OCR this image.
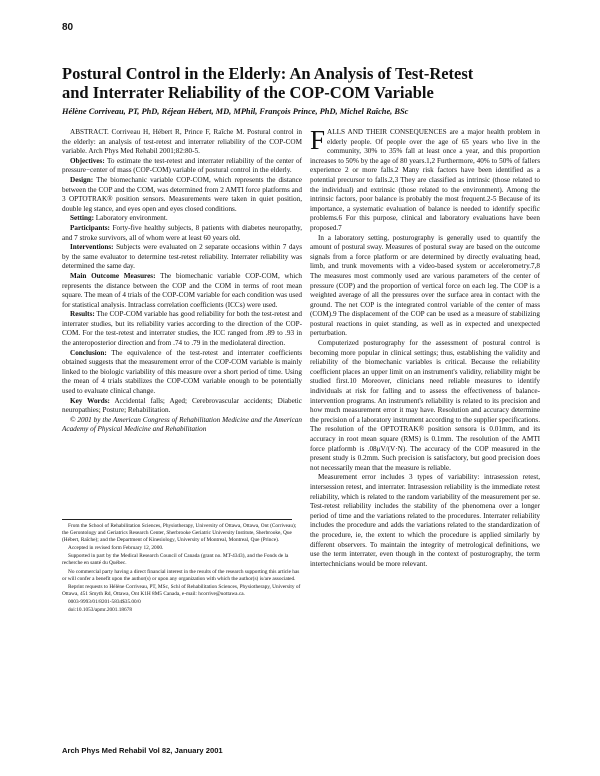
80
Postural Control in the Elderly: An Analysis of Test-Retest
and Interrater Reliability of the COP-COM Variable
Hélène Corriveau, PT, PhD, Réjean Hébert, MD, MPhil, François Prince, PhD, Michel Raîche, BSc

ABSTRACT. Corriveau H, Hébert R, Prince F, Raîche M. Postural control in the elderly: an analysis of test-retest and interrater reliability of the COP-COM variable. Arch Phys Med Rehabil 2001;82:80-5.

Objectives: To estimate the test-retest and interrater reliability of the center of pressure−center of mass (COP-COM) variable of postural control in the elderly.

Design: The biomechanic variable COP-COM, which represents the distance between the COP and the COM, was determined from 2 AMTI force platforms and 3 OPTOTRAK® position sensors. Measurements were taken in quiet position, double leg stance, and eyes open and eyes closed conditions.

Setting: Laboratory environment.

Participants: Forty-five healthy subjects, 8 patients with diabetes neuropathy, and 7 stroke survivors, all of whom were at least 60 years old.

Interventions: Subjects were evaluated on 2 separate occasions within 7 days by the same evaluator to determine test-retest reliability. Interrater reliability was determined the same day.

Main Outcome Measures: The biomechanic variable COP-COM, which represents the distance between the COP and the COM in terms of root mean square. The mean of 4 trials of the COP-COM variable for each condition was used for statistical analysis. Intraclass correlation coefficients (ICCs) were used.

Results: The COP-COM variable has good reliability for both the test-retest and interrater studies, but its reliability varies according to the direction of the COP-COM. For the test-retest and interrater studies, the ICC ranged from .89 to .93 in the anteroposterior direction and from .74 to .79 in the mediolateral direction.

Conclusion: The equivalence of the test-retest and interrater coefficients obtained suggests that the measurement error of the COP-COM variable is mainly linked to the biologic variability of this measure over a short period of time. Using the mean of 4 trials stabilizes the COP-COM variable enough to be potentially used to evaluate clinical change.

Key Words: Accidental falls; Aged; Cerebrovascular accidents; Diabetic neuropathies; Posture; Rehabilitation.

© 2001 by the American Congress of Rehabilitation Medicine and the American Academy of Physical Medicine and Rehabilitation

From the School of Rehabilitation Sciences, Physiotherapy, University of Ottawa, Ottawa, Ont (Corriveau); the Gerontology and Geriatrics Research Center, Sherbrooke Geriatric University Institute, Sherbrooke, Que (Hébert, Raîche); and the Department of Kinesiology, University of Montreal, Montreal, Que (Prince).

Accepted in revised form February 12, 2000.

Supported in part by the Medical Research Council of Canada (grant no. MT-4343), and the Fonds de la recherche en santé du Québec.

No commercial party having a direct financial interest in the results of the research supporting this article has or will confer a benefit upon the author(s) or upon any organization with which the author(s) is/are associated.

Reprint requests to Hélène Corriveau, PT, MSc, Schl of Rehabilitation Sciences, Physiotherapy, University of Ottawa, 451 Smyth Rd, Ottawa, Ont K1H 8M5 Canada, e-mail: hcorrive@uottawa.ca.

0003-9993/01/8201-5834$35.00/0

doi:10.1053/apmr.2001.18678

FALLS AND THEIR CONSEQUENCES are a major health problem in elderly people. Of people over the age of 65 years who live in the community, 30% to 35% fall at least once a year, and this proportion increases to 50% by the age of 80 years.1,2 Furthermore, 40% to 50% of fallers experience 2 or more falls.2 Many risk factors have been identified as a potential precursor to falls.2,3 They are classified as intrinsic (those related to the individual) and extrinsic (those related to the environment). Among the intrinsic factors, poor balance is probably the most frequent.2-5 Because of its importance, a systematic evaluation of balance is needed to identify specific problems.6 For this purpose, clinical and laboratory evaluations have been proposed.7

In a laboratory setting, posturography is generally used to quantify the amount of postural sway. Measures of postural sway are based on the outcome signals from a force platform or are determined by directly evaluating head, limb, and trunk movements with a video-based system or accelerometry.7,8 The measures most commonly used are various parameters of the center of pressure (COP) and the proportion of vertical force on each leg. The COP is a weighted average of all the pressures over the surface area in contact with the ground. The net COP is the integrated control variable of the center of mass (COM).9 The displacement of the COP can be used as a measure of stabilizing postural reactions in quiet standing, as well as in expected and unexpected perturbation.

Computerized posturography for the assessment of postural control is becoming more popular in clinical settings; thus, establishing the validity and reliability of the biomechanic variables is critical. Because the reliability coefficient places an upper limit on an instrument's validity, reliability might be studied first.10 Moreover, clinicians need reliable measures to identify individuals at risk for falling and to assess the effectiveness of balance-intervention programs. An instrument's reliability is related to its precision and how much measurement error it may have. Resolution and accuracy determine the precision of a laboratory instrument according to the supplier specifications. The resolution of the OPTOTRAK® position sensora is 0.01mm, and its accuracy in root mean square (RMS) is 0.1mm. The resolution of the AMTI force platformb is .08μV/(V·N). The accuracy of the COP measured in the present study is 0.2mm. Such precision is satisfactory, but good precision does not necessarily mean that the measure is reliable.

Measurement error includes 3 types of variability: intrasession retest, intersession retest, and interrater. Intrasession reliability is the immediate retest reliability, which is related to the random variability of the measurement per se. Test-retest reliability includes the stability of the phenomena over a longer period of time and the variations related to the procedures. Interrater reliability includes the procedure and adds the variations related to the standardization of the procedure, ie, the extent to which the procedure is applied similarly by different observers. To maintain the integrity of metrological definitions, we use the term interrater, even though in the context of posturography, the term intertechnicians would be more relevant.

Arch Phys Med Rehabil Vol 82, January 2001
